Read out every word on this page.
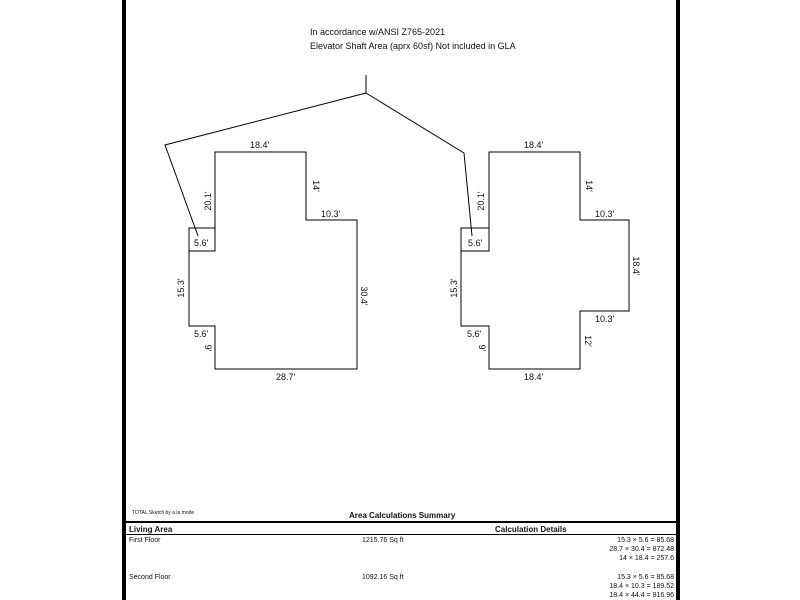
In accordance w/ANSI Z765-2021
Elevator Shaft Area (aprx 60sf) Not included in GLA
18.4'
20.1'
14'
10.3'
30.4'
5.6'
15.3'
5.6'
9'
28.7'
18.4'
20.1'
14'
10.3'
18.4'
10.3'
12'
5.6'
15.3'
5.6'
9'
18.4'
TOTAL Sketch by a la mode	Area Calculations Summary
Living Area	Calculation Details
First Floor	1215.76 Sq ft	15.3 × 5.6 = 85.68
28.7 × 30.4 = 872.48
14 × 18.4 = 257.6
Second Floor	1092.16 Sq ft	15.3 × 5.6 = 85.68
18.4 × 10.3 = 189.52
18.4 × 44.4 = 816.96
